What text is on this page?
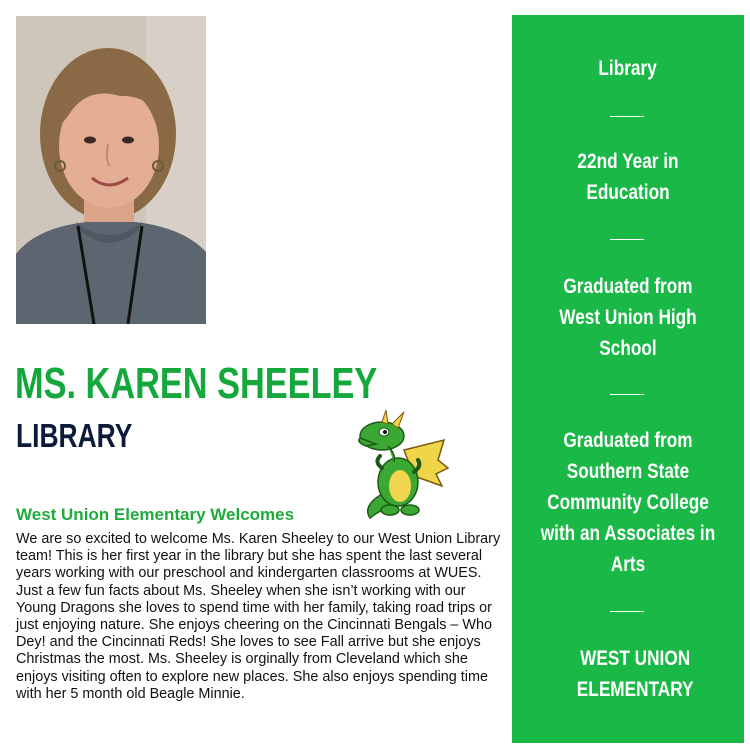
MS. KAREN SHEELEY
LIBRARY
West Union Elementary Welcomes

We are so excited to welcome Ms. Karen Sheeley to our West Union Library team! This is her first year in the library but she has spent the last several years working with our preschool and kindergarten classrooms at WUES. Just a few fun facts about Ms. Sheeley when she isn’t working with our Young Dragons she loves to spend time with her family, taking road trips or just enjoying nature. She enjoys cheering on the Cincinnati Bengals – Who Dey! and the Cincinnati Reds! She loves to see Fall arrive but she enjoys Christmas the most. Ms. Sheeley is orginally from Cleveland which she enjoys visiting often to explore new places. She also enjoys spending time with her 5 month old Beagle Minnie.

Library

22nd Year in Education

Graduated from West Union High School

Graduated from Southern State Community College with an Associates in Arts

WEST UNION ELEMENTARY
